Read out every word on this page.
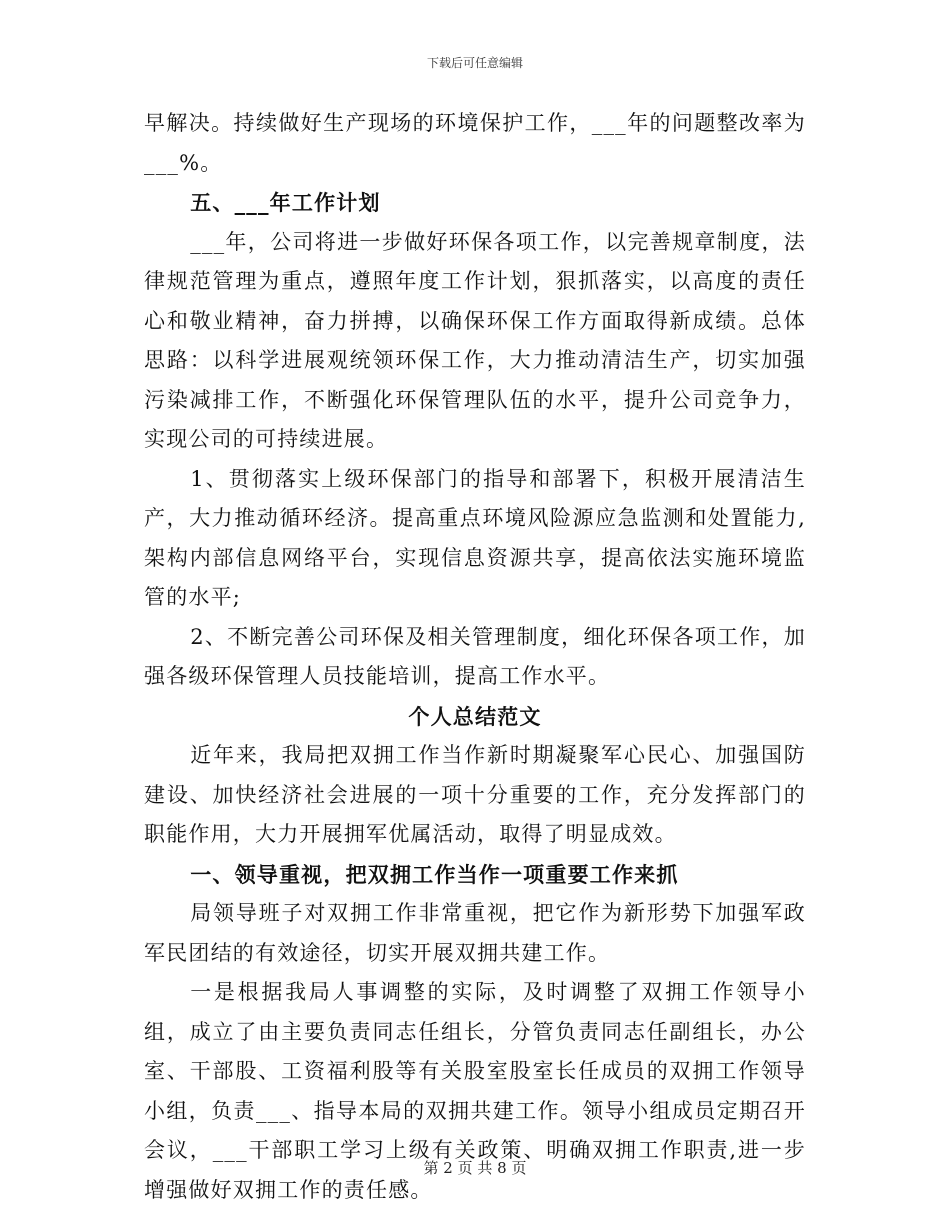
下载后可任意编辑

早解决。持续做好生产现场的环境保护工作，___年的问题整改率为___%。

五、___年工作计划

___年，公司将进一步做好环保各项工作，以完善规章制度，法律规范管理为重点，遵照年度工作计划，狠抓落实，以高度的责任心和敬业精神，奋力拼搏，以确保环保工作方面取得新成绩。总体思路：以科学进展观统领环保工作，大力推动清洁生产，切实加强污染减排工作，不断强化环保管理队伍的水平，提升公司竞争力，实现公司的可持续进展。

1、贯彻落实上级环保部门的指导和部署下，积极开展清洁生产，大力推动循环经济。提高重点环境风险源应急监测和处置能力,架构内部信息网络平台，实现信息资源共享，提高依法实施环境监管的水平;

2、不断完善公司环保及相关管理制度，细化环保各项工作，加强各级环保管理人员技能培训，提高工作水平。

个人总结范文

近年来，我局把双拥工作当作新时期凝聚军心民心、加强国防建设、加快经济社会进展的一项十分重要的工作，充分发挥部门的职能作用，大力开展拥军优属活动，取得了明显成效。

一、领导重视，把双拥工作当作一项重要工作来抓

局领导班子对双拥工作非常重视，把它作为新形势下加强军政军民团结的有效途径，切实开展双拥共建工作。

一是根据我局人事调整的实际，及时调整了双拥工作领导小组，成立了由主要负责同志任组长，分管负责同志任副组长，办公室、干部股、工资福利股等有关股室股室长任成员的双拥工作领导小组，负责___、指导本局的双拥共建工作。领导小组成员定期召开会议，___干部职工学习上级有关政策、明确双拥工作职责,进一步增强做好双拥工作的责任感。

第 2 页 共 8 页
